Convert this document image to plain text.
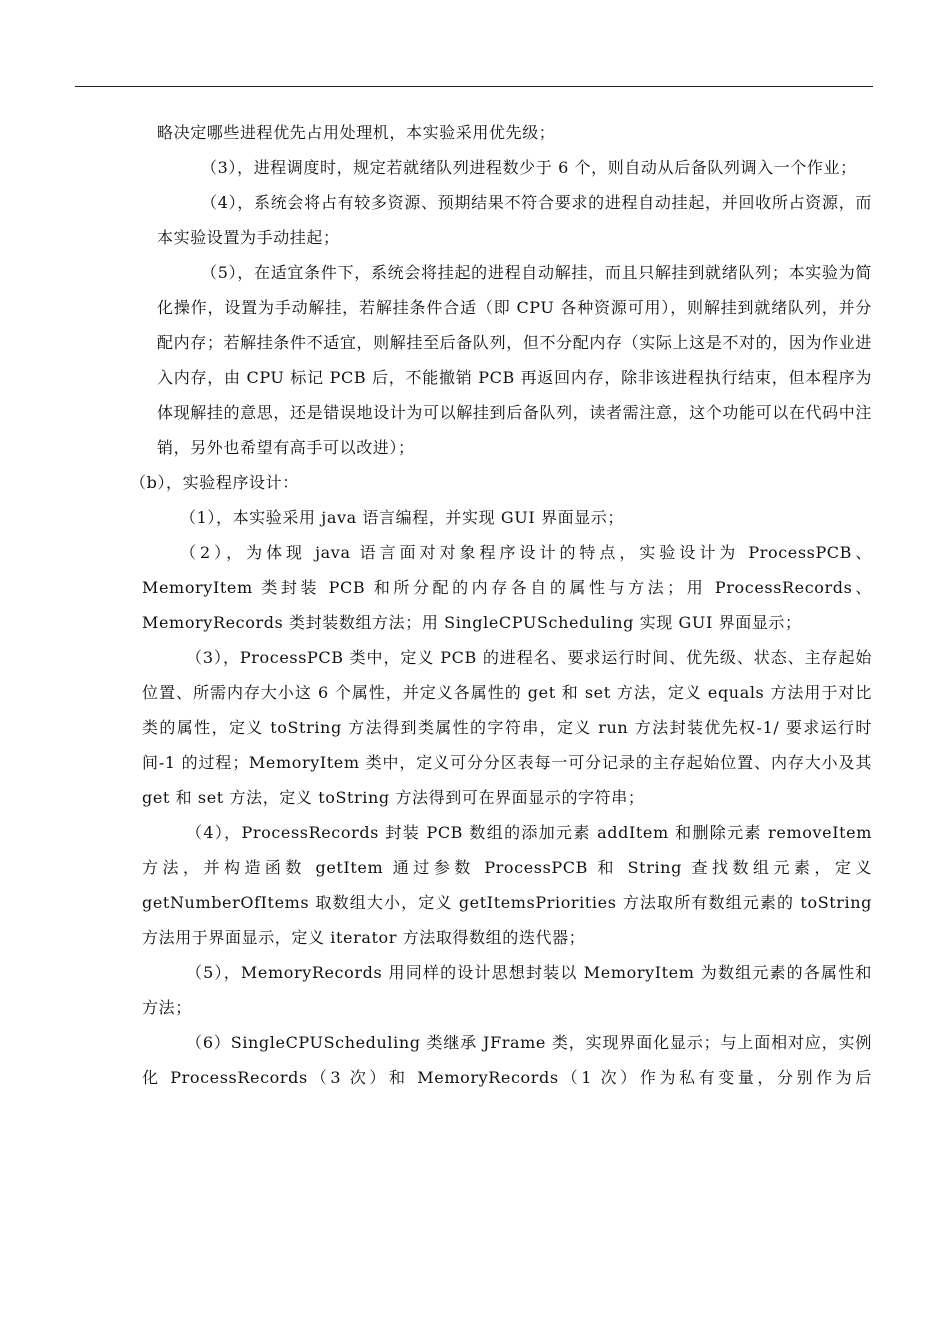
略决定哪些进程优先占用处理机，本实验采用优先级；
（3），进程调度时，规定若就绪队列进程数少于 6 个，则自动从后备队列调入一个作业；
（4），系统会将占有较多资源、预期结果不符合要求的进程自动挂起，并回收所占资源，而本实验设置为手动挂起；
（5），在适宜条件下，系统会将挂起的进程自动解挂，而且只解挂到就绪队列；本实验为简化操作，设置为手动解挂，若解挂条件合适（即 CPU 各种资源可用），则解挂到就绪队列，并分配内存；若解挂条件不适宜，则解挂至后备队列，但不分配内存（实际上这是不对的，因为作业进入内存，由 CPU 标记 PCB 后，不能撤销 PCB 再返回内存，除非该进程执行结束，但本程序为体现解挂的意思，还是错误地设计为可以解挂到后备队列，读者需注意，这个功能可以在代码中注销，另外也希望有高手可以改进）；
（b），实验程序设计：
（1），本实验采用 java 语言编程，并实现 GUI 界面显示；
（2），为体现 java 语言面对对象程序设计的特点，实验设计为 ProcessPCB、MemoryItem 类封装 PCB 和所分配的内存各自的属性与方法；用 ProcessRecords、MemoryRecords 类封装数组方法；用 SingleCPUScheduling 实现 GUI 界面显示；
（3），ProcessPCB 类中，定义 PCB 的进程名、要求运行时间、优先级、状态、主存起始位置、所需内存大小这 6 个属性，并定义各属性的 get 和 set 方法，定义 equals 方法用于对比类的属性，定义 toString 方法得到类属性的字符串，定义 run 方法封装优先权-1/ 要求运行时间-1 的过程；MemoryItem 类中，定义可分分区表每一可分记录的主存起始位置、内存大小及其 get 和 set 方法，定义 toString 方法得到可在界面显示的字符串；
（4），ProcessRecords 封装 PCB 数组的添加元素 addItem 和删除元素 removeItem 方法，并构造函数 getItem 通过参数 ProcessPCB 和 String 查找数组元素，定义 getNumberOfItems 取数组大小，定义 getItemsPriorities 方法取所有数组元素的 toString 方法用于界面显示，定义 iterator 方法取得数组的迭代器；
（5），MemoryRecords 用同样的设计思想封装以 MemoryItem 为数组元素的各属性和方法；
（6）SingleCPUScheduling 类继承 JFrame 类，实现界面化显示；与上面相对应，实例化 ProcessRecords（3 次）和 MemoryRecords（1 次）作为私有变量，分别作为后
